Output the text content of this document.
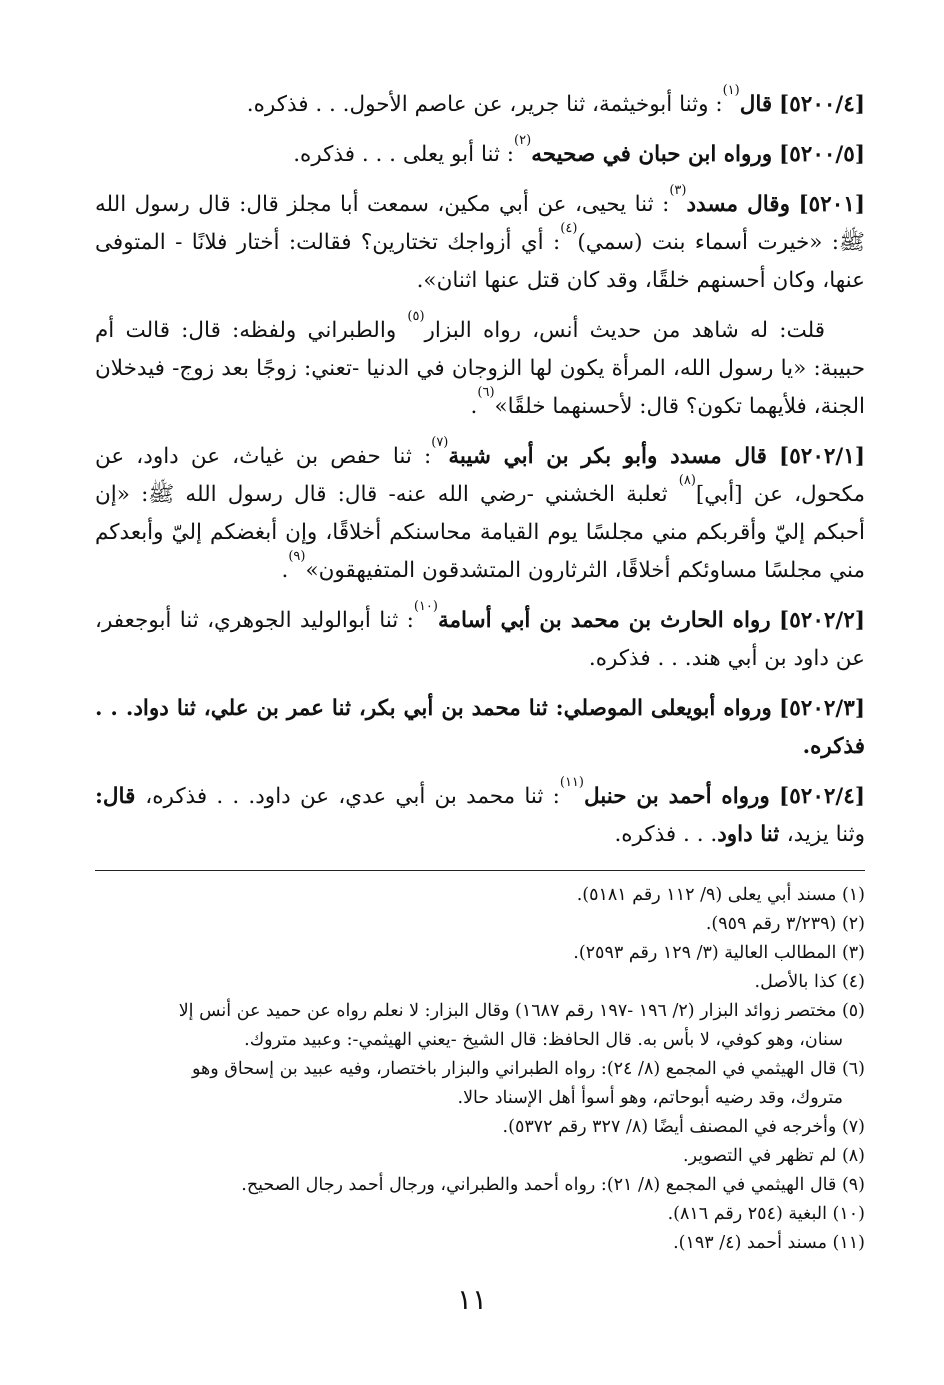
[٥٢٠٠/٤] قال$^{(١)}$: وثنا أبوخيثمة، ثنا جرير، عن عاصم الأحول. . . فذكره.

[٥٢٠٠/٥] ورواه ابن حبان في صحيحه$^{(٢)}$: ثنا أبو يعلى . . . فذكره.

[٥٢٠١] وقال مسدد$^{(٣)}$: ثنا يحيى، عن أبي مكين، سمعت أبا مجلز قال: قال رسول الله ﷺ: «خيرت أسماء بنت (سمي)$^{(٤)}$: أي أزواجك تختارين؟ فقالت: أختار فلانًا - المتوفى عنها، وكان أحسنهم خلقًا، وقد كان قتل عنها اثنان».

قلت: له شاهد من حديث أنس، رواه البزار$^{(٥)}$ والطبراني ولفظه: قال: قالت أم حبيبة: «يا رسول الله، المرأة يكون لها الزوجان في الدنيا -تعني: زوجًا بعد زوج- فيدخلان الجنة، فلأيهما تكون؟ قال: لأحسنهما خلقًا»$^{(٦)}$.

[٥٢٠٢/١] قال مسدد وأبو بكر بن أبي شيبة$^{(٧)}$: ثنا حفص بن غياث، عن داود، عن مكحول، عن [أبي]$^{(٨)}$ ثعلبة الخشني -رضي الله عنه- قال: قال رسول الله ﷺ: «إن أحبكم إليّ وأقربكم مني مجلسًا يوم القيامة محاسنكم أخلاقًا، وإن أبغضكم إليّ وأبعدكم مني مجلسًا مساوئكم أخلاقًا، الثرثارون المتشدقون المتفيهقون»$^{(٩)}$.

[٥٢٠٢/٢] رواه الحارث بن محمد بن أبي أسامة$^{(١٠)}$: ثنا أبوالوليد الجوهري، ثنا أبوجعفر، عن داود بن أبي هند. . . فذكره.

[٥٢٠٢/٣] ورواه أبويعلى الموصلي: ثنا محمد بن أبي بكر، ثنا عمر بن علي، ثنا دواد. . . فذكره.

[٥٢٠٢/٤] ورواه أحمد بن حنبل$^{(١١)}$: ثنا محمد بن أبي عدي، عن داود. . . فذكره، قال: وثنا يزيد، ثنا داود. . . فذكره.

(١) مسند أبي يعلى (٩/ ١١٢ رقم ٥١٨١).

(٢) (٣/٢٣٩ رقم ٩٥٩).

(٣) المطالب العالية (٣/ ١٢٩ رقم ٢٥٩٣).

(٤) كذا بالأصل.

(٥) مختصر زوائد البزار (٢/ ١٩٦ -١٩٧ رقم ١٦٨٧) وقال البزار: لا نعلم رواه عن حميد عن أنس إلا
سنان، وهو كوفي، لا بأس به. قال الحافظ: قال الشيخ -يعني الهيثمي-: وعبيد متروك.

(٦) قال الهيثمي في المجمع (٨/ ٢٤): رواه الطبراني والبزار باختصار، وفيه عبيد بن إسحاق وهو
متروك، وقد رضيه أبوحاتم، وهو أسوأ أهل الإسناد حالا.

(٧) وأخرجه في المصنف أيضًا (٨/ ٣٢٧ رقم ٥٣٧٢).

(٨) لم تظهر في التصوير.

(٩) قال الهيثمي في المجمع (٨/ ٢١): رواه أحمد والطبراني، ورجال أحمد رجال الصحيح.

(١٠) البغية (٢٥٤ رقم ٨١٦).

(١١) مسند أحمد (٤/ ١٩٣).

١١
